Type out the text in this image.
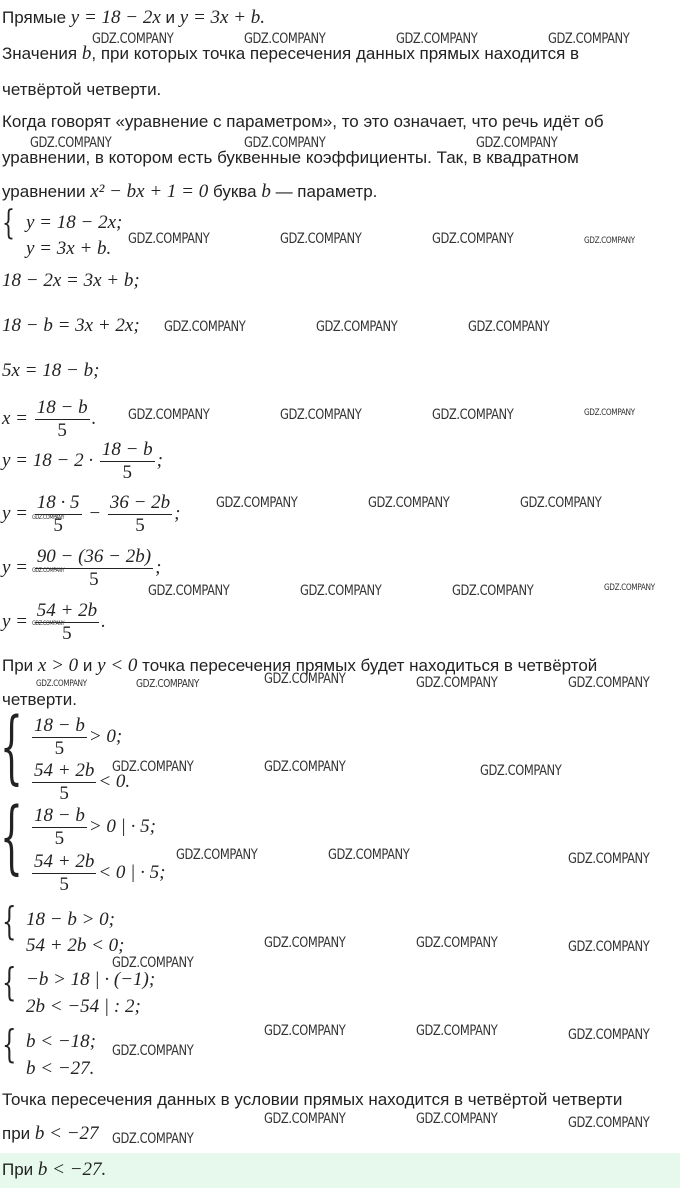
Прямые y = 18 − 2x и y = 3x + b.
Значения b, при которых точка пересечения данных прямых находится в
четвёртой четверти.
Когда говорят «уравнение с параметром», то это означает, что речь идёт об
уравнении, в котором есть буквенные коэффициенты. Так, в квадратном
уравнении x² − bx + 1 = 0 буква b — параметр.
{ y = 18 − 2x;
y = 3x + b.
18 − 2x = 3x + b;
18 − b = 3x + 2x;
5x = 18 − b;
$x = \frac{18 - b}{5}$ .
$y = 18 - 2 \cdot \frac{18 - b}{5}$ ;
$y = \frac{18 \cdot 5}{5} - \frac{36 - 2b}{5}$ ;
$y = \frac{90 - (36 - 2b)}{5}$ ;
$y = \frac{54 + 2b}{5}$ .
При x > 0 и y < 0 точка пересечения прямых будет находиться в четвёртой
четверти.
{ $\frac{18 - b}{5} > 0$;
$\frac{54 + 2b}{5} < 0$.
{ $\frac{18 - b}{5} > 0$ | · 5;
$\frac{54 + 2b}{5} < 0$ | · 5;
{ 18 − b > 0;
54 + 2b < 0;
{ −b > 18 | · (−1);
2b < −54 | : 2;
{ b < −18;
b < −27.
Точка пересечения данных в условии прямых находится в четвёртой четверти
при b < −27
При b < −27.
GDZ.COMPANY	GDZ.COMPANY	GDZ.COMPANY	GDZ.COMPANY
GDZ.COMPANY	GDZ.COMPANY	GDZ.COMPANY
GDZ.COMPANY	GDZ.COMPANY	GDZ.COMPANY	GDZ.COMPANY
GDZ.COMPANY	GDZ.COMPANY	GDZ.COMPANY
GDZ.COMPANY	GDZ.COMPANY	GDZ.COMPANY	GDZ.COMPANY
GDZ.COMPANY
GDZ.COMPANY	GDZ.COMPANY	GDZ.COMPANY
GDZ.COMPANY
GDZ.COMPANY	GDZ.COMPANY	GDZ.COMPANY	GDZ.COMPANY
GDZ.COMPANY
GDZ.COMPANY	GDZ.COMPANY	GDZ.COMPANY	GDZ.COMPANY	GDZ.COMPANY
GDZ.COMPANY	GDZ.COMPANY	GDZ.COMPANY
GDZ.COMPANY	GDZ.COMPANY	GDZ.COMPANY
GDZ.COMPANY	GDZ.COMPANY	GDZ.COMPANY
GDZ.COMPANY
GDZ.COMPANY	GDZ.COMPANY	GDZ.COMPANY
GDZ.COMPANY
GDZ.COMPANY	GDZ.COMPANY	GDZ.COMPANY
GDZ.COMPANY
